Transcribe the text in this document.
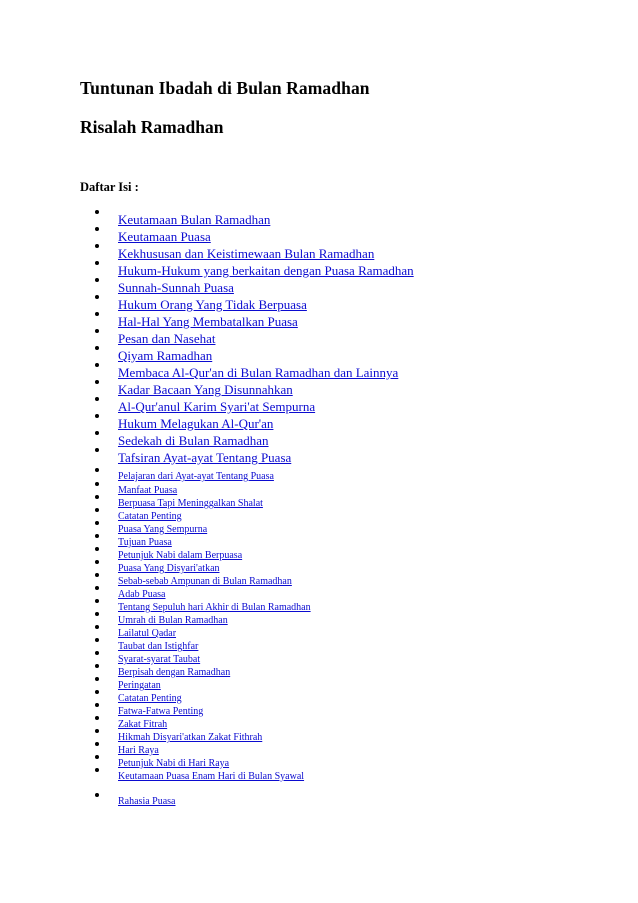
Tuntunan Ibadah di Bulan Ramadhan
Risalah Ramadhan

Daftar Isi :

Keutamaan Bulan Ramadhan
Keutamaan Puasa
Kekhususan dan Keistimewaan Bulan Ramadhan
Hukum-Hukum yang berkaitan dengan Puasa Ramadhan
Sunnah-Sunnah Puasa
Hukum Orang Yang Tidak Berpuasa
Hal-Hal Yang Membatalkan Puasa
Pesan dan Nasehat
Qiyam Ramadhan
Membaca Al-Qur'an di Bulan Ramadhan dan Lainnya
Kadar Bacaan Yang Disunnahkan
Al-Qur'anul Karim Syari'at Sempurna
Hukum Melagukan Al-Qur'an
Sedekah di Bulan Ramadhan
Tafsiran Ayat-ayat Tentang Puasa
Pelajaran dari Ayat-ayat Tentang Puasa
Manfaat Puasa
Berpuasa Tapi Meninggalkan Shalat
Catatan Penting
Puasa Yang Sempurna
Tujuan Puasa
Petunjuk Nabi dalam Berpuasa
Puasa Yang Disyari'atkan
Sebab-sebab Ampunan di Bulan Ramadhan
Adab Puasa
Tentang Sepuluh hari Akhir di Bulan Ramadhan
Umrah di Bulan Ramadhan
Lailatul Qadar
Taubat dan Istighfar
Syarat-syarat Taubat
Berpisah dengan Ramadhan
Peringatan
Catatan Penting
Fatwa-Fatwa Penting
Zakat Fitrah
Hikmah Disyari'atkan Zakat Fithrah
Hari Raya
Petunjuk Nabi di Hari Raya
Keutamaan Puasa Enam Hari di Bulan Syawal
Rahasia Puasa
